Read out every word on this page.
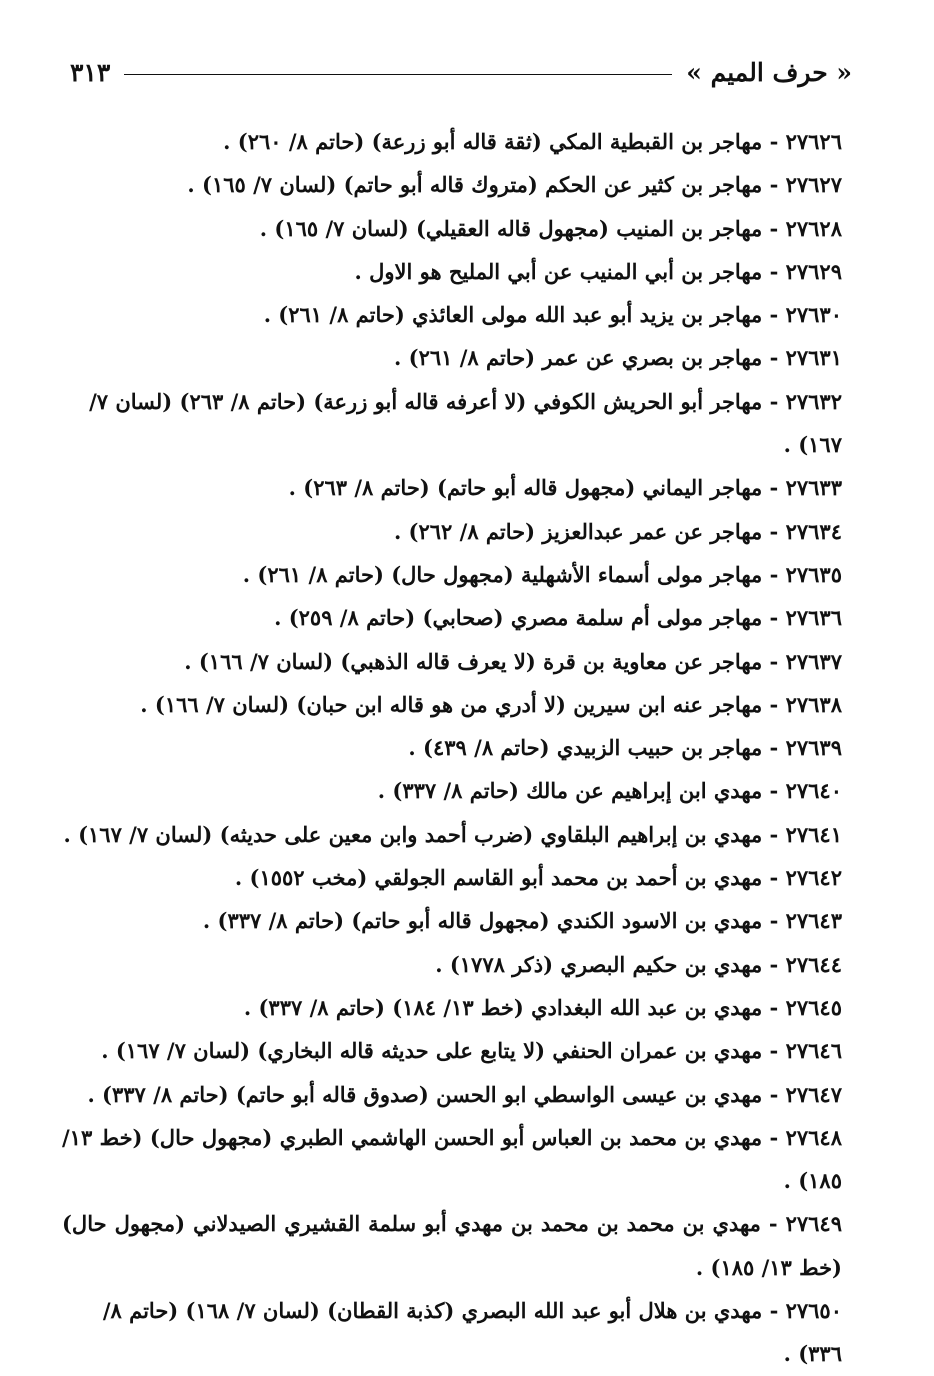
« حرف الميم »
٣١٣

٢٧٦٢٦ - مهاجر بن القبطية المكي (ثقة قاله أبو زرعة) (حاتم ٨/ ٢٦٠) .

٢٧٦٢٧ - مهاجر بن كثير عن الحكم (متروك قاله أبو حاتم) (لسان ٧/ ١٦٥) .

٢٧٦٢٨ - مهاجر بن المنيب (مجهول قاله العقيلي) (لسان ٧/ ١٦٥) .

٢٧٦٢٩ - مهاجر بن أبي المنيب عن أبي المليح هو الاول .

٢٧٦٣٠ - مهاجر بن يزيد أبو عبد الله مولى العائذي (حاتم ٨/ ٢٦١) .

٢٧٦٣١ - مهاجر بن بصري عن عمر (حاتم ٨/ ٢٦١) .

٢٧٦٣٢ - مهاجر أبو الحريش الكوفي (لا أعرفه قاله أبو زرعة) (حاتم ٨/ ٢٦٣) (لسان ٧/ ١٦٧) .

٢٧٦٣٣ - مهاجر اليماني (مجهول قاله أبو حاتم) (حاتم ٨/ ٢٦٣) .

٢٧٦٣٤ - مهاجر عن عمر عبدالعزيز (حاتم ٨/ ٢٦٢) .

٢٧٦٣٥ - مهاجر مولى أسماء الأشهلية (مجهول حال) (حاتم ٨/ ٢٦١) .

٢٧٦٣٦ - مهاجر مولى أم سلمة مصري (صحابي) (حاتم ٨/ ٢٥٩) .

٢٧٦٣٧ - مهاجر عن معاوية بن قرة (لا يعرف قاله الذهبي) (لسان ٧/ ١٦٦) .

٢٧٦٣٨ - مهاجر عنه ابن سيرين (لا أدري من هو قاله ابن حبان) (لسان ٧/ ١٦٦) .

٢٧٦٣٩ - مهاجر بن حبيب الزبيدي (حاتم ٨/ ٤٣٩) .

٢٧٦٤٠ - مهدي ابن إبراهيم عن مالك (حاتم ٨/ ٣٣٧) .

٢٧٦٤١ - مهدي بن إبراهيم البلقاوي (ضرب أحمد وابن معين على حديثه) (لسان ٧/ ١٦٧) .

٢٧٦٤٢ - مهدي بن أحمد بن محمد أبو القاسم الجولقي (مخب ١٥٥٢) .

٢٧٦٤٣ - مهدي بن الاسود الكندي (مجهول قاله أبو حاتم) (حاتم ٨/ ٣٣٧) .

٢٧٦٤٤ - مهدي بن حكيم البصري (ذكر ١٧٧٨) .

٢٧٦٤٥ - مهدي بن عبد الله البغدادي (خط ١٣/ ١٨٤) (حاتم ٨/ ٣٣٧) .

٢٧٦٤٦ - مهدي بن عمران الحنفي (لا يتابع على حديثه قاله البخاري) (لسان ٧/ ١٦٧) .

٢٧٦٤٧ - مهدي بن عيسى الواسطي ابو الحسن (صدوق قاله أبو حاتم) (حاتم ٨/ ٣٣٧) .

٢٧٦٤٨ - مهدي بن محمد بن العباس أبو الحسن الهاشمي الطبري (مجهول حال) (خط ١٣/ ١٨٥) .

٢٧٦٤٩ - مهدي بن محمد بن محمد بن مهدي أبو سلمة القشيري الصيدلاني (مجهول حال) (خط ١٣/ ١٨٥) .

٢٧٦٥٠ - مهدي بن هلال أبو عبد الله البصري (كذبة القطان) (لسان ٧/ ١٦٨) (حاتم ٨/ ٣٣٦) .
